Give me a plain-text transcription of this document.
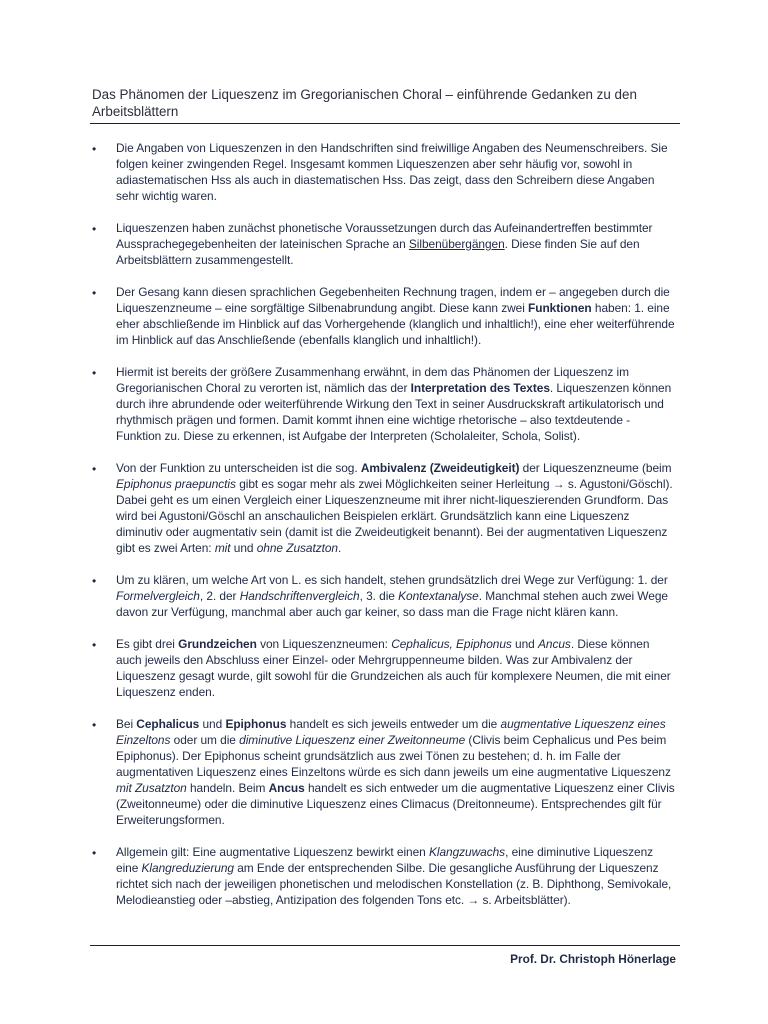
Das Phänomen der Liqueszenz im Gregorianischen Choral – einführende Gedanken zu den Arbeitsblättern
• Die Angaben von Liqueszenzen in den Handschriften sind freiwillige Angaben des Neumenschreibers. Sie folgen keiner zwingenden Regel. Insgesamt kommen Liqueszenzen aber sehr häufig vor, sowohl in adiastematischen Hss als auch in diastematischen Hss. Das zeigt, dass den Schreibern diese Angaben sehr wichtig waren.
• Liqueszenzen haben zunächst phonetische Voraussetzungen durch das Aufeinandertreffen bestimmter Aussprachegegebenheiten der lateinischen Sprache an Silbenübergängen. Diese finden Sie auf den Arbeitsblättern zusammengestellt.
• Der Gesang kann diesen sprachlichen Gegebenheiten Rechnung tragen, indem er – angegeben durch die Liqueszenzneume – eine sorgfältige Silbenabrundung angibt. Diese kann zwei Funktionen haben: 1. eine eher abschließende im Hinblick auf das Vorhergehende (klanglich und inhaltlich!), eine eher weiterführende im Hinblick auf das Anschließende (ebenfalls klanglich und inhaltlich!).
• Hiermit ist bereits der größere Zusammenhang erwähnt, in dem das Phänomen der Liqueszenz im Gregorianischen Choral zu verorten ist, nämlich das der Interpretation des Textes. Liqueszenzen können durch ihre abrundende oder weiterführende Wirkung den Text in seiner Ausdruckskraft artikulatorisch und rhythmisch prägen und formen. Damit kommt ihnen eine wichtige rhetorische – also textdeutende - Funktion zu. Diese zu erkennen, ist Aufgabe der Interpreten (Scholaleiter, Schola, Solist).
• Von der Funktion zu unterscheiden ist die sog. Ambivalenz (Zweideutigkeit) der Liqueszenzneume (beim Epiphonus praepunctis gibt es sogar mehr als zwei Möglichkeiten seiner Herleitung → s. Agustoni/Göschl). Dabei geht es um einen Vergleich einer Liqueszenzneume mit ihrer nicht-liqueszierenden Grundform. Das wird bei Agustoni/Göschl an anschaulichen Beispielen erklärt. Grundsätzlich kann eine Liqueszenz diminutiv oder augmentativ sein (damit ist die Zweideutigkeit benannt). Bei der augmentativen Liqueszenz gibt es zwei Arten: mit und ohne Zusatzton.
• Um zu klären, um welche Art von L. es sich handelt, stehen grundsätzlich drei Wege zur Verfügung: 1. der Formelvergleich, 2. der Handschriftenvergleich, 3. die Kontextanalyse. Manchmal stehen auch zwei Wege davon zur Verfügung, manchmal aber auch gar keiner, so dass man die Frage nicht klären kann.
• Es gibt drei Grundzeichen von Liqueszenzneumen: Cephalicus, Epiphonus und Ancus. Diese können auch jeweils den Abschluss einer Einzel- oder Mehrgruppenneume bilden. Was zur Ambivalenz der Liqueszenz gesagt wurde, gilt sowohl für die Grundzeichen als auch für komplexere Neumen, die mit einer Liqueszenz enden.
• Bei Cephalicus und Epiphonus handelt es sich jeweils entweder um die augmentative Liqueszenz eines Einzeltons oder um die diminutive Liqueszenz einer Zweitonneume (Clivis beim Cephalicus und Pes beim Epiphonus). Der Epiphonus scheint grundsätzlich aus zwei Tönen zu bestehen; d. h. im Falle der augmentativen Liqueszenz eines Einzeltons würde es sich dann jeweils um eine augmentative Liqueszenz mit Zusatzton handeln. Beim Ancus handelt es sich entweder um die augmentative Liqueszenz einer Clivis (Zweitonneume) oder die diminutive Liqueszenz eines Climacus (Dreitonneume). Entsprechendes gilt für Erweiterungsformen.
• Allgemein gilt: Eine augmentative Liqueszenz bewirkt einen Klangzuwachs, eine diminutive Liqueszenz eine Klangreduzierung am Ende der entsprechenden Silbe. Die gesangliche Ausführung der Liqueszenz richtet sich nach der jeweiligen phonetischen und melodischen Konstellation (z. B. Diphthong, Semivokale, Melodieanstieg oder –abstieg, Antizipation des folgenden Tons etc. → s. Arbeitsblätter).
Prof. Dr. Christoph Hönerlage
